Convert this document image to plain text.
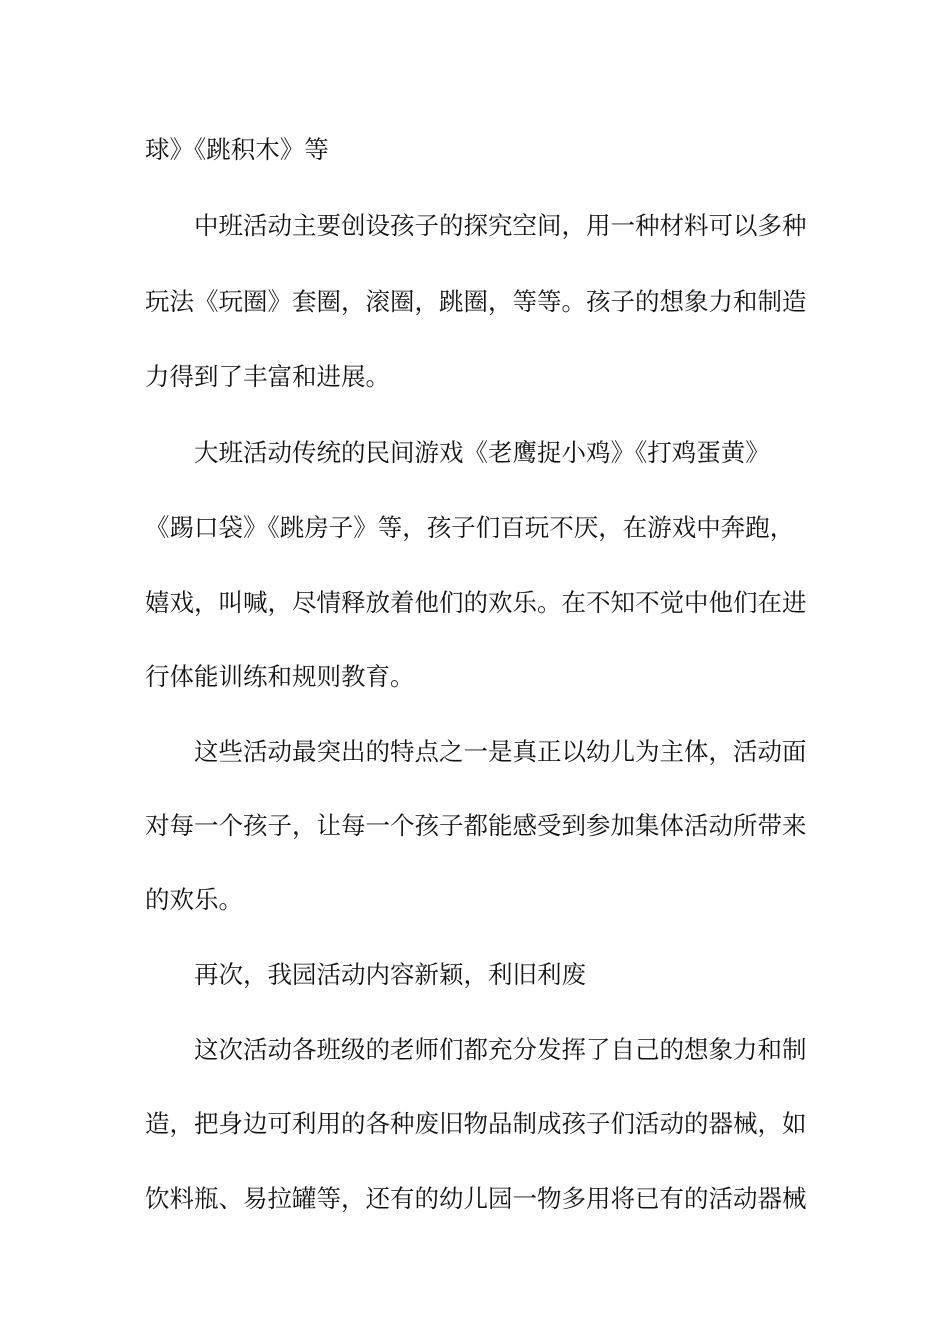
球》《跳积木》等
中班活动主要创设孩子的探究空间，用一种材料可以多种
玩法《玩圈》套圈，滚圈，跳圈，等等。孩子的想象力和制造
力得到了丰富和进展。
大班活动传统的民间游戏《老鹰捉小鸡》《打鸡蛋黄》
《踢口袋》《跳房子》等，孩子们百玩不厌，在游戏中奔跑，
嬉戏，叫喊，尽情释放着他们的欢乐。在不知不觉中他们在进
行体能训练和规则教育。
这些活动最突出的特点之一是真正以幼儿为主体，活动面
对每一个孩子，让每一个孩子都能感受到参加集体活动所带来
的欢乐。
再次，我园活动内容新颖，利旧利废
这次活动各班级的老师们都充分发挥了自己的想象力和制
造，把身边可利用的各种废旧物品制成孩子们活动的器械，如
饮料瓶、易拉罐等，还有的幼儿园一物多用将已有的活动器械
